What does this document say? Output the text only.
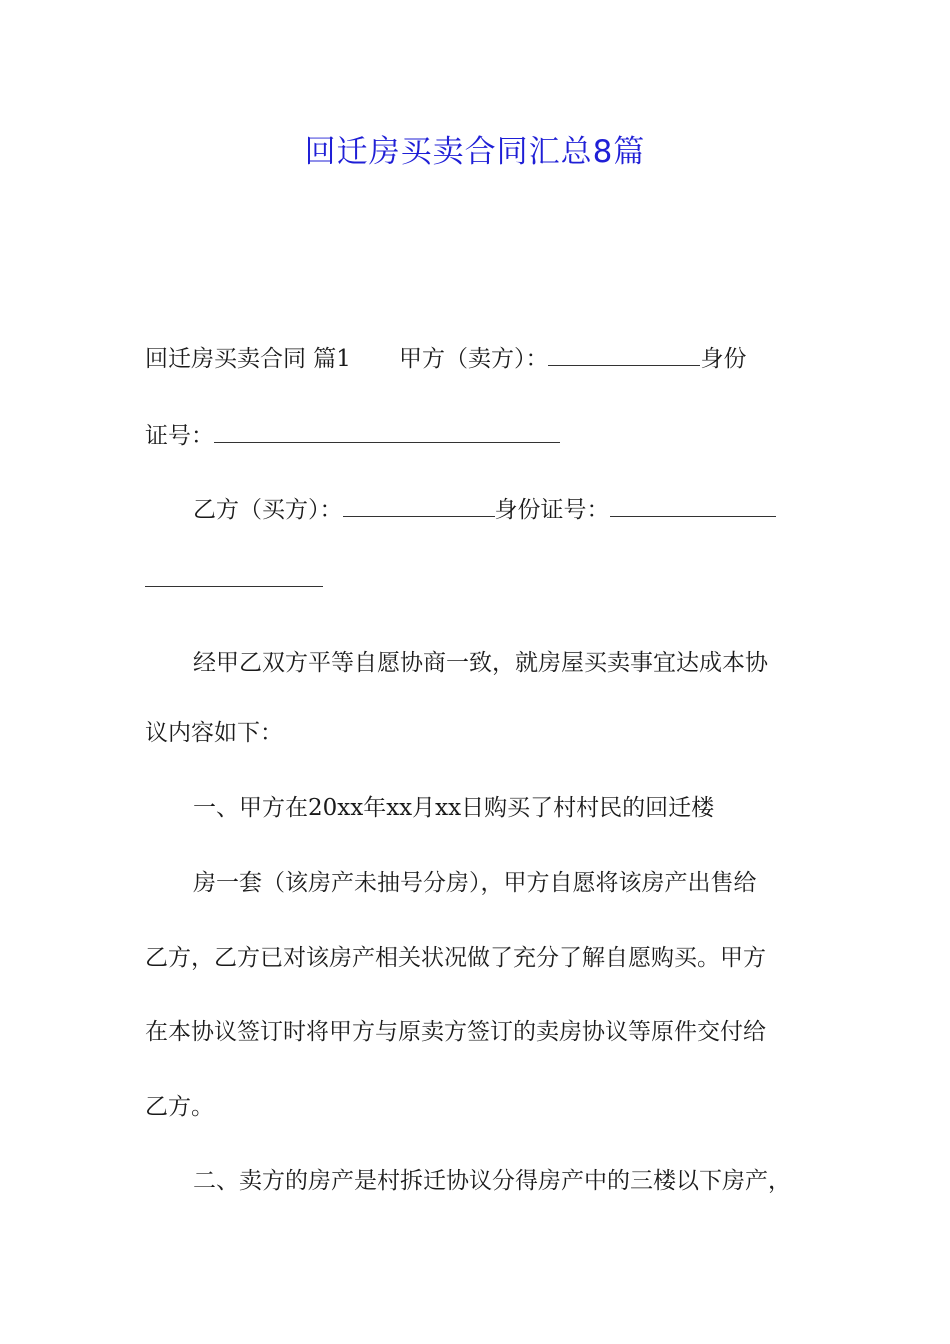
回迁房买卖合同汇总8篇
回迁房买卖合同 篇1 甲方（卖方）：	身份
证号：
乙方（买方）：	身份证号：
经甲乙双方平等自愿协商一致，就房屋买卖事宜达成本协
议内容如下：
一、甲方在20xx年xx月xx日购买了村村民的回迁楼
房一套（该房产未抽号分房），甲方自愿将该房产出售给
乙方，乙方已对该房产相关状况做了充分了解自愿购买。甲方
在本协议签订时将甲方与原卖方签订的卖房协议等原件交付给
乙方。
二、卖方的房产是村拆迁协议分得房产中的三楼以下房产，
